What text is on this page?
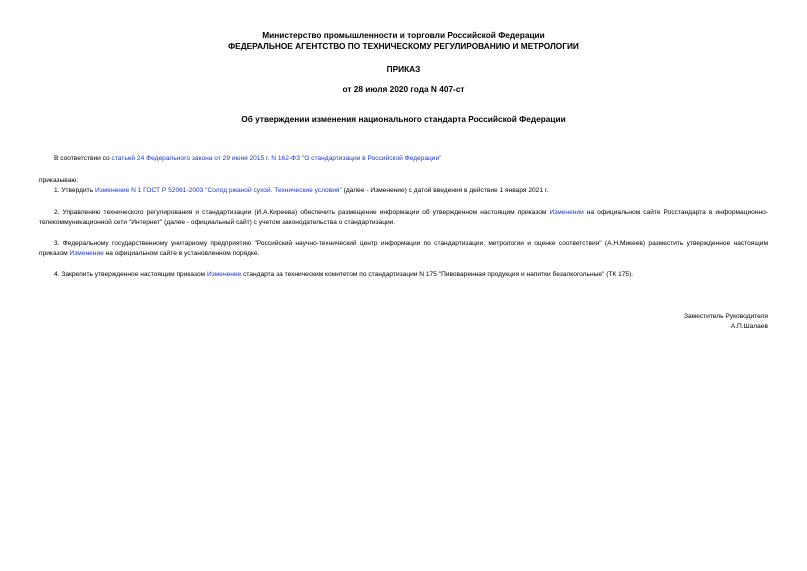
Министерство промышленности и торговли Российской Федерации
ФЕДЕРАЛЬНОЕ АГЕНТСТВО ПО ТЕХНИЧЕСКОМУ РЕГУЛИРОВАНИЮ И МЕТРОЛОГИИ
ПРИКАЗ
от 28 июля 2020 года N 407-ст
Об утверждении изменения национального стандарта Российской Федерации
В соответствии со статьей 24 Федерального закона от 29 июня 2015 г. N 162-ФЗ "О стандартизации в Российской Федерации"
приказываю:
1. Утвердить Изменение N 1 ГОСТ Р 52061-2003 "Солод ржаной сухой. Технические условия" (далее - Изменение) с датой введения в действие 1 января 2021 г.
2. Управлению технического регулирования и стандартизации (И.А.Киреева) обеспечить размещение информации об утвержденном настоящим приказом Изменении на официальном сайте Росстандарта в информационно-телекоммуникационной сети "Интернет" (далее - официальный сайт) с учетом законодательства о стандартизации.
3. Федеральному государственному унитарному предприятию "Российский научно-технический центр информации по стандартизации, метрологии и оценке соответствия" (А.Н.Микеев) разместить утвержденное настоящим приказом Изменение на официальном сайте в установленном порядке.
4. Закрепить утвержденное настоящим приказом Изменение стандарта за техническим комитетом по стандартизации N 175 "Пивоваренная продукция и напитки безалкогольные" (ТК 175).
Заместитель Руководителя
А.П.Шалаев
